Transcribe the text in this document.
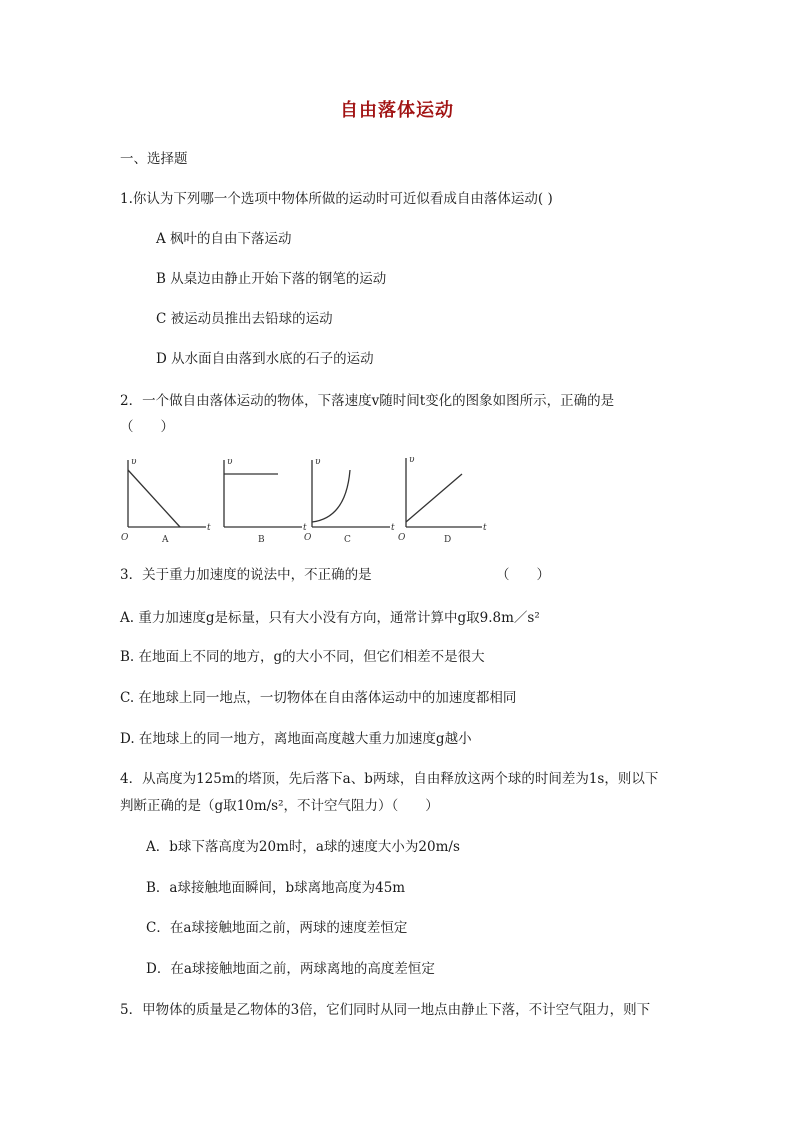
自由落体运动
一、选择题
1.你认为下列哪一个选项中物体所做的运动时可近似看成自由落体运动( )
A 枫叶的自由下落运动
B 从桌边由静止开始下落的钢笔的运动
C 被运动员推出去铅球的运动
D 从水面自由落到水底的石子的运动
2．一个做自由落体运动的物体，下落速度v随时间t变化的图象如图所示，正确的是
（　　）
υ
t
O
υ
t
υ
t
O
υ
t
O
A	B	C	D
3．关于重力加速度的说法中，不正确的是	（　　）
A. 重力加速度g是标量，只有大小没有方向，通常计算中g取9.8m／s²
B. 在地面上不同的地方，g的大小不同，但它们相差不是很大
C. 在地球上同一地点，一切物体在自由落体运动中的加速度都相同
D. 在地球上的同一地方，离地面高度越大重力加速度g越小
4．从高度为125m的塔顶，先后落下a、b两球，自由释放这两个球的时间差为1s，则以下
判断正确的是（g取10m/s²，不计空气阻力）（　　）
A．b球下落高度为20m时，a球的速度大小为20m/s
B．a球接触地面瞬间，b球离地高度为45m
C．在a球接触地面之前，两球的速度差恒定
D．在a球接触地面之前，两球离地的高度差恒定
5．甲物体的质量是乙物体的3倍，它们同时从同一地点由静止下落，不计空气阻力，则下
